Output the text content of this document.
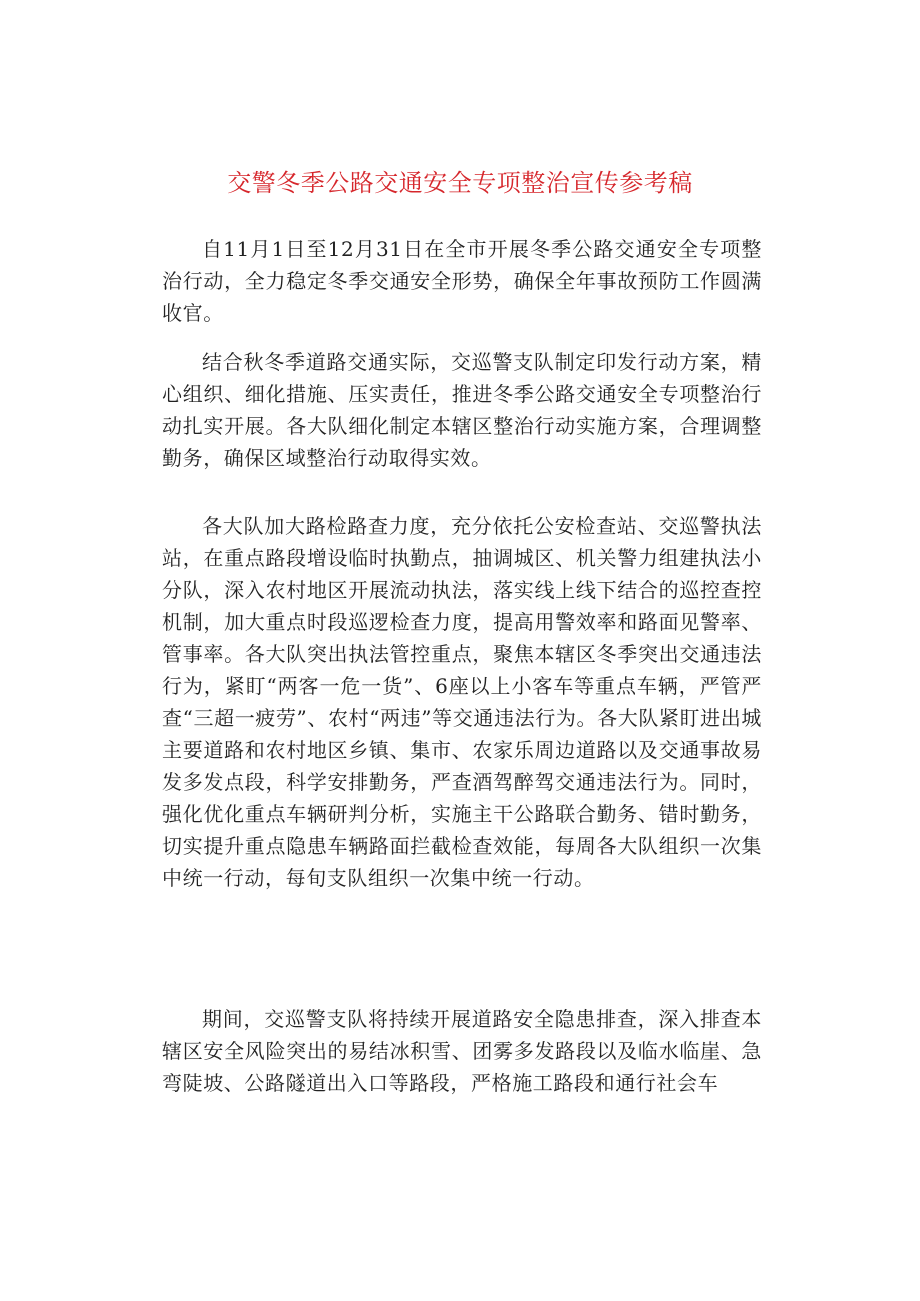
交警冬季公路交通安全专项整治宣传参考稿

自11月1日至12月31日在全市开展冬季公路交通安全专项整治行动，全力稳定冬季交通安全形势，确保全年事故预防工作圆满收官。

结合秋冬季道路交通实际，交巡警支队制定印发行动方案，精心组织、细化措施、压实责任，推进冬季公路交通安全专项整治行动扎实开展。各大队细化制定本辖区整治行动实施方案，合理调整勤务，确保区域整治行动取得实效。

各大队加大路检路查力度，充分依托公安检查站、交巡警执法站，在重点路段增设临时执勤点，抽调城区、机关警力组建执法小分队，深入农村地区开展流动执法，落实线上线下结合的巡控查控机制，加大重点时段巡逻检查力度，提高用警效率和路面见警率、管事率。各大队突出执法管控重点，聚焦本辖区冬季突出交通违法行为，紧盯“两客一危一货”、6座以上小客车等重点车辆，严管严查“三超一疲劳”、农村“两违”等交通违法行为。各大队紧盯进出城主要道路和农村地区乡镇、集市、农家乐周边道路以及交通事故易发多发点段，科学安排勤务，严查酒驾醉驾交通违法行为。同时，强化优化重点车辆研判分析，实施主干公路联合勤务、错时勤务，切实提升重点隐患车辆路面拦截检查效能，每周各大队组织一次集中统一行动，每旬支队组织一次集中统一行动。

期间，交巡警支队将持续开展道路安全隐患排查，深入排查本辖区安全风险突出的易结冰积雪、团雾多发路段以及临水临崖、急弯陡坡、公路隧道出入口等路段，严格施工路段和通行社会车
